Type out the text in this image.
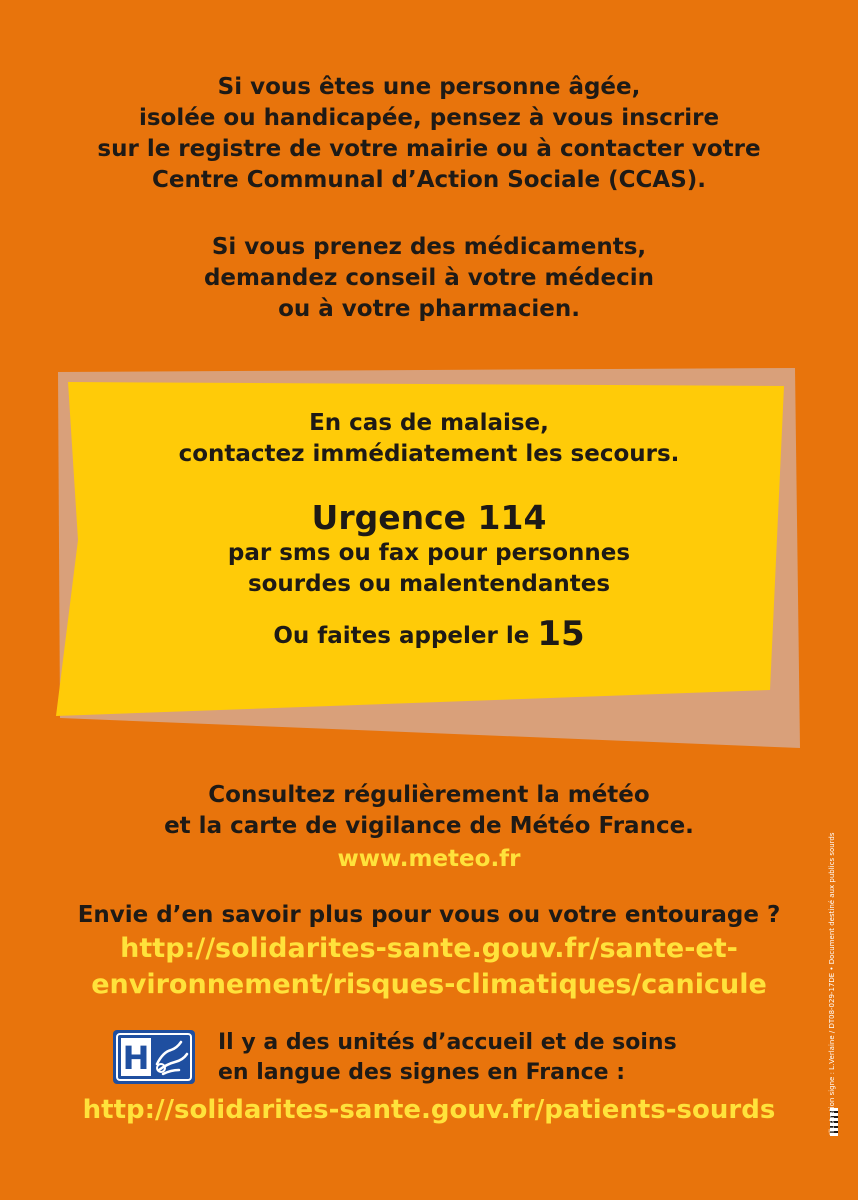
Si vous êtes une personne âgée,
isolée ou handicapée, pensez à vous inscrire
sur le registre de votre mairie ou à contacter votre
Centre Communal d’Action Sociale (CCAS).
Si vous prenez des médicaments,
demandez conseil à votre médecin
ou à votre pharmacien.
En cas de malaise,
contactez immédiatement les secours.
Urgence 114
par sms ou fax pour personnes
sourdes ou malentendantes
Ou faites appeler le 15
Consultez régulièrement la météo
et la carte de vigilance de Météo France.
www.meteo.fr
Envie d’en savoir plus pour vous ou votre entourage ?
http://solidarites-sante.gouv.fr/sante-et-
environnement/risques-climatiques/canicule
H	Il y a des unités d’accueil et de soins
en langue des signes en France :
http://solidarites-sante.gouv.fr/patients-sourds	Illustration signe : L.Verlaine / DT08-029-17DE • Document destiné aux publics sourds
